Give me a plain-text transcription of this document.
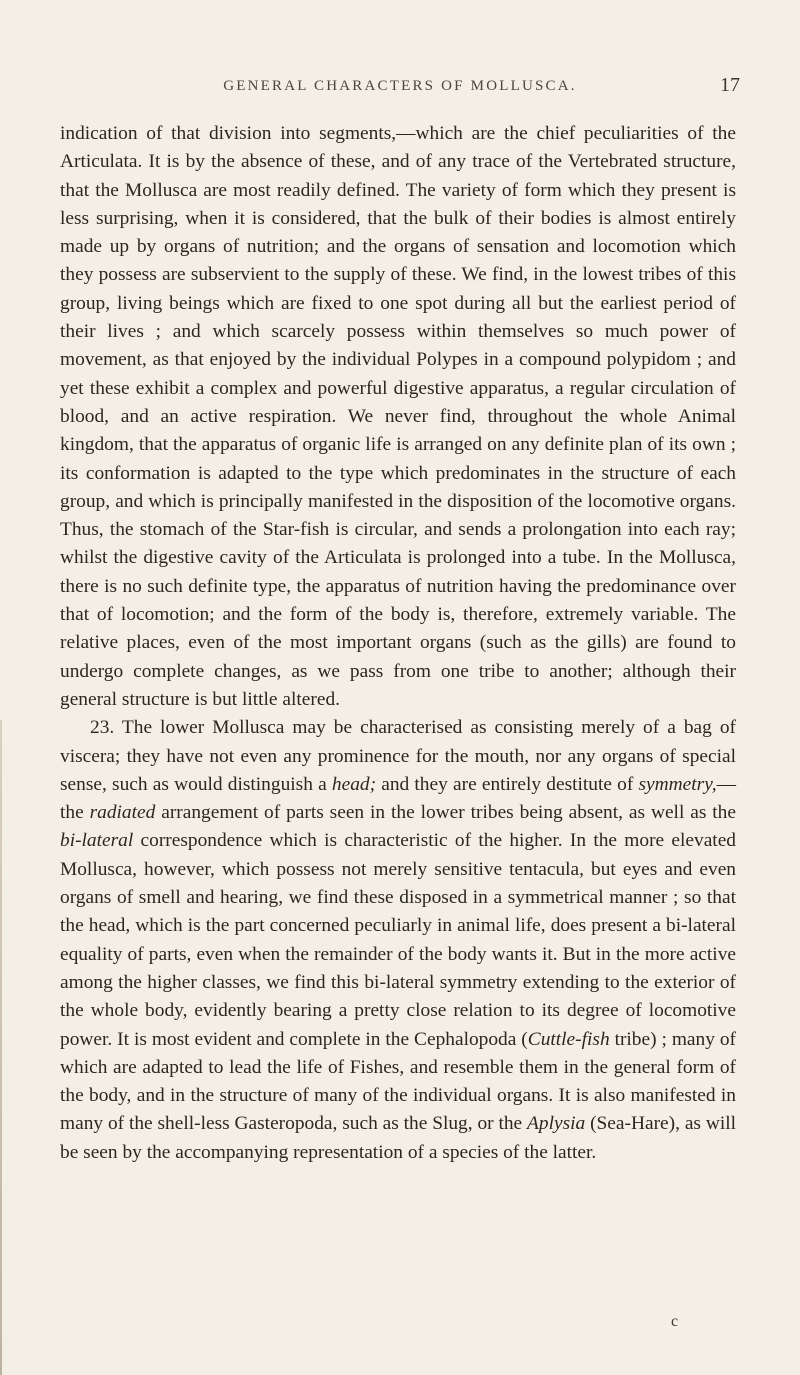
GENERAL CHARACTERS OF MOLLUSCA.	17

indication of that division into segments,—which are the chief peculiarities of the Articulata. It is by the absence of these, and of any trace of the Vertebrated structure, that the Mollusca are most readily defined. The variety of form which they present is less surprising, when it is considered, that the bulk of their bodies is almost entirely made up by organs of nutrition; and the organs of sensation and locomotion which they possess are subservient to the supply of these. We find, in the lowest tribes of this group, living beings which are fixed to one spot during all but the earliest period of their lives ; and which scarcely possess within themselves so much power of movement, as that enjoyed by the individual Polypes in a compound polypidom ; and yet these exhibit a complex and powerful digestive apparatus, a regular circulation of blood, and an active respiration. We never find, throughout the whole Animal kingdom, that the apparatus of organic life is arranged on any definite plan of its own ; its conformation is adapted to the type which predominates in the structure of each group, and which is principally manifested in the disposition of the locomotive organs. Thus, the stomach of the Star-fish is circular, and sends a prolongation into each ray; whilst the digestive cavity of the Articulata is prolonged into a tube. In the Mollusca, there is no such definite type, the apparatus of nutrition having the predominance over that of locomotion; and the form of the body is, therefore, extremely variable. The relative places, even of the most important organs (such as the gills) are found to undergo complete changes, as we pass from one tribe to another; although their general structure is but little altered.

23. The lower Mollusca may be characterised as consisting merely of a bag of viscera; they have not even any prominence for the mouth, nor any organs of special sense, such as would distinguish a head; and they are entirely destitute of symmetry,—the radiated arrangement of parts seen in the lower tribes being absent, as well as the bi-lateral correspondence which is characteristic of the higher. In the more elevated Mollusca, however, which possess not merely sensitive tentacula, but eyes and even organs of smell and hearing, we find these disposed in a symmetrical manner ; so that the head, which is the part concerned peculiarly in animal life, does present a bi-lateral equality of parts, even when the remainder of the body wants it. But in the more active among the higher classes, we find this bi-lateral symmetry extending to the exterior of the whole body, evidently bearing a pretty close relation to its degree of locomotive power. It is most evident and complete in the Cephalopoda (Cuttle-fish tribe) ; many of which are adapted to lead the life of Fishes, and resemble them in the general form of the body, and in the structure of many of the individual organs. It is also manifested in many of the shell-less Gasteropoda, such as the Slug, or the Aplysia (Sea-Hare), as will be seen by the accompanying representation of a species of the latter.

c
